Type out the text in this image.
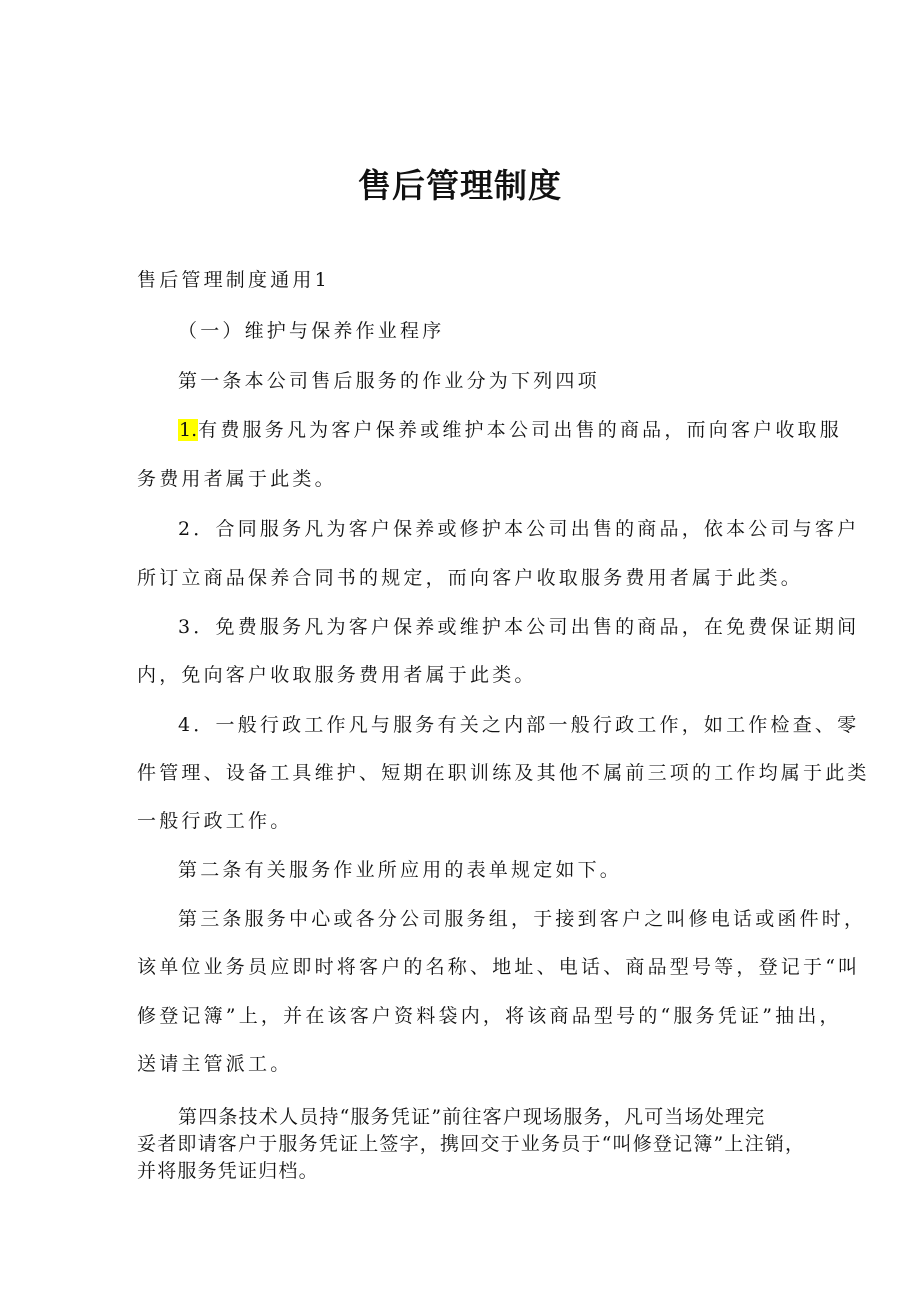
售后管理制度
售后管理制度通用1
（一）维护与保养作业程序
第一条本公司售后服务的作业分为下列四项
1.有费服务凡为客户保养或维护本公司出售的商品，而向客户收取服
务费用者属于此类。
2．合同服务凡为客户保养或修护本公司出售的商品，依本公司与客户
所订立商品保养合同书的规定，而向客户收取服务费用者属于此类。
3．免费服务凡为客户保养或维护本公司出售的商品，在免费保证期间
内，免向客户收取服务费用者属于此类。
4．一般行政工作凡与服务有关之内部一般行政工作，如工作检查、零
件管理、设备工具维护、短期在职训练及其他不属前三项的工作均属于此类
一般行政工作。
第二条有关服务作业所应用的表单规定如下。
第三条服务中心或各分公司服务组，于接到客户之叫修电话或函件时，
该单位业务员应即时将客户的名称、地址、电话、商品型号等，登记于“叫
修登记簿”上，并在该客户资料袋内，将该商品型号的“服务凭证”抽出，
送请主管派工。
第四条技术人员持“服务凭证”前往客户现场服务，凡可当场处理完
妥者即请客户于服务凭证上签字，携回交于业务员于“叫修登记簿”上注销，
并将服务凭证归档。
